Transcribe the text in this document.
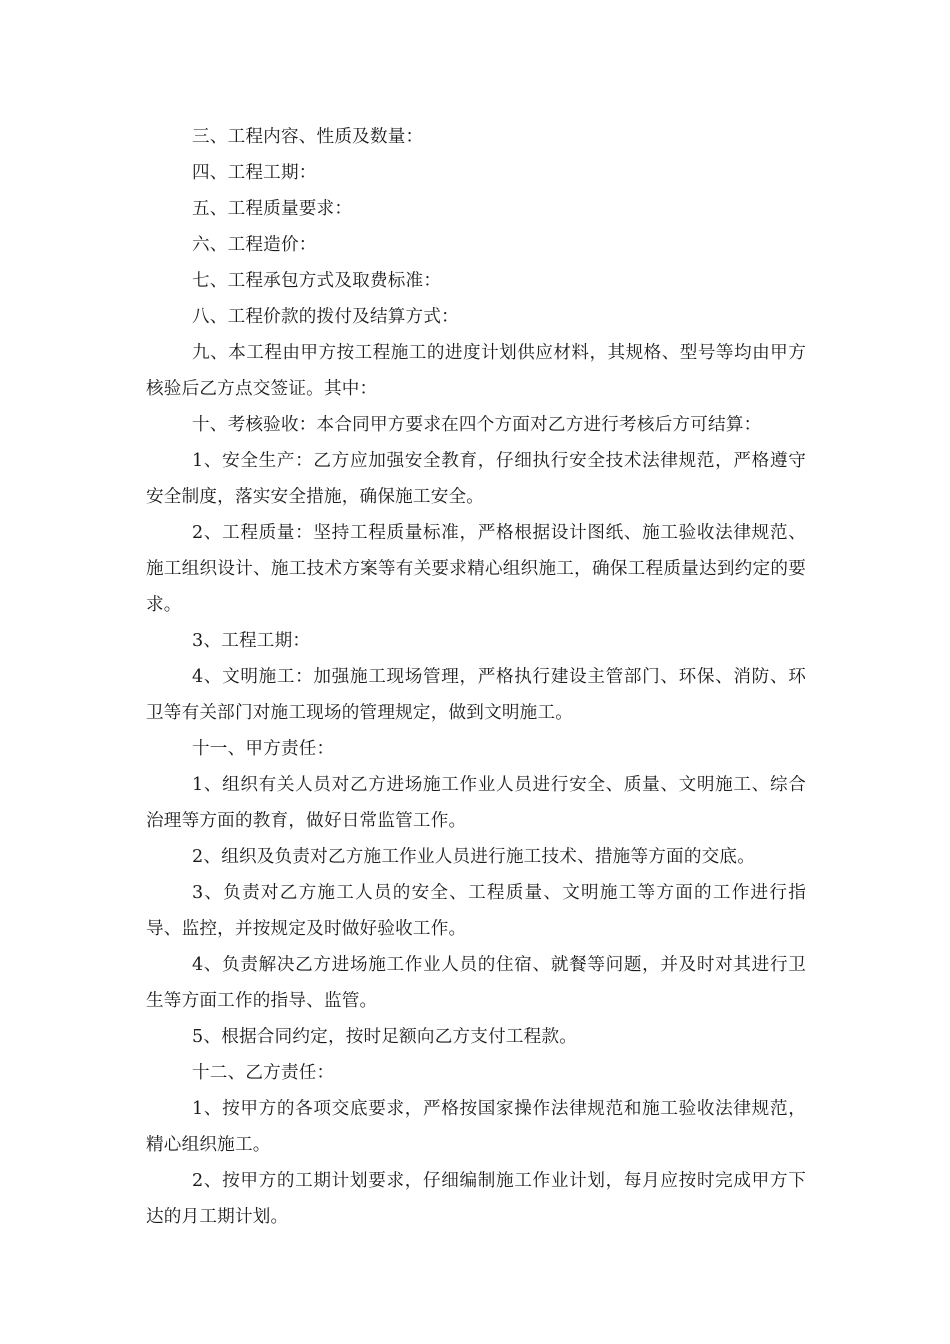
三、工程内容、性质及数量：

四、工程工期：

五、工程质量要求：

六、工程造价：

七、工程承包方式及取费标准：

八、工程价款的拨付及结算方式：

九、本工程由甲方按工程施工的进度计划供应材料，其规格、型号等均由甲方核验后乙方点交签证。其中：

十、考核验收：本合同甲方要求在四个方面对乙方进行考核后方可结算：

1、安全生产：乙方应加强安全教育，仔细执行安全技术法律规范，严格遵守安全制度，落实安全措施，确保施工安全。

2、工程质量：坚持工程质量标准，严格根据设计图纸、施工验收法律规范、施工组织设计、施工技术方案等有关要求精心组织施工，确保工程质量达到约定的要求。

3、工程工期：

4、文明施工：加强施工现场管理，严格执行建设主管部门、环保、消防、环卫等有关部门对施工现场的管理规定，做到文明施工。

十一、甲方责任：

1、组织有关人员对乙方进场施工作业人员进行安全、质量、文明施工、综合治理等方面的教育，做好日常监管工作。

2、组织及负责对乙方施工作业人员进行施工技术、措施等方面的交底。

3、负责对乙方施工人员的安全、工程质量、文明施工等方面的工作进行指导、监控，并按规定及时做好验收工作。

4、负责解决乙方进场施工作业人员的住宿、就餐等问题，并及时对其进行卫生等方面工作的指导、监管。

5、根据合同约定，按时足额向乙方支付工程款。

十二、乙方责任：

1、按甲方的各项交底要求，严格按国家操作法律规范和施工验收法律规范，精心组织施工。

2、按甲方的工期计划要求，仔细编制施工作业计划，每月应按时完成甲方下达的月工期计划。
